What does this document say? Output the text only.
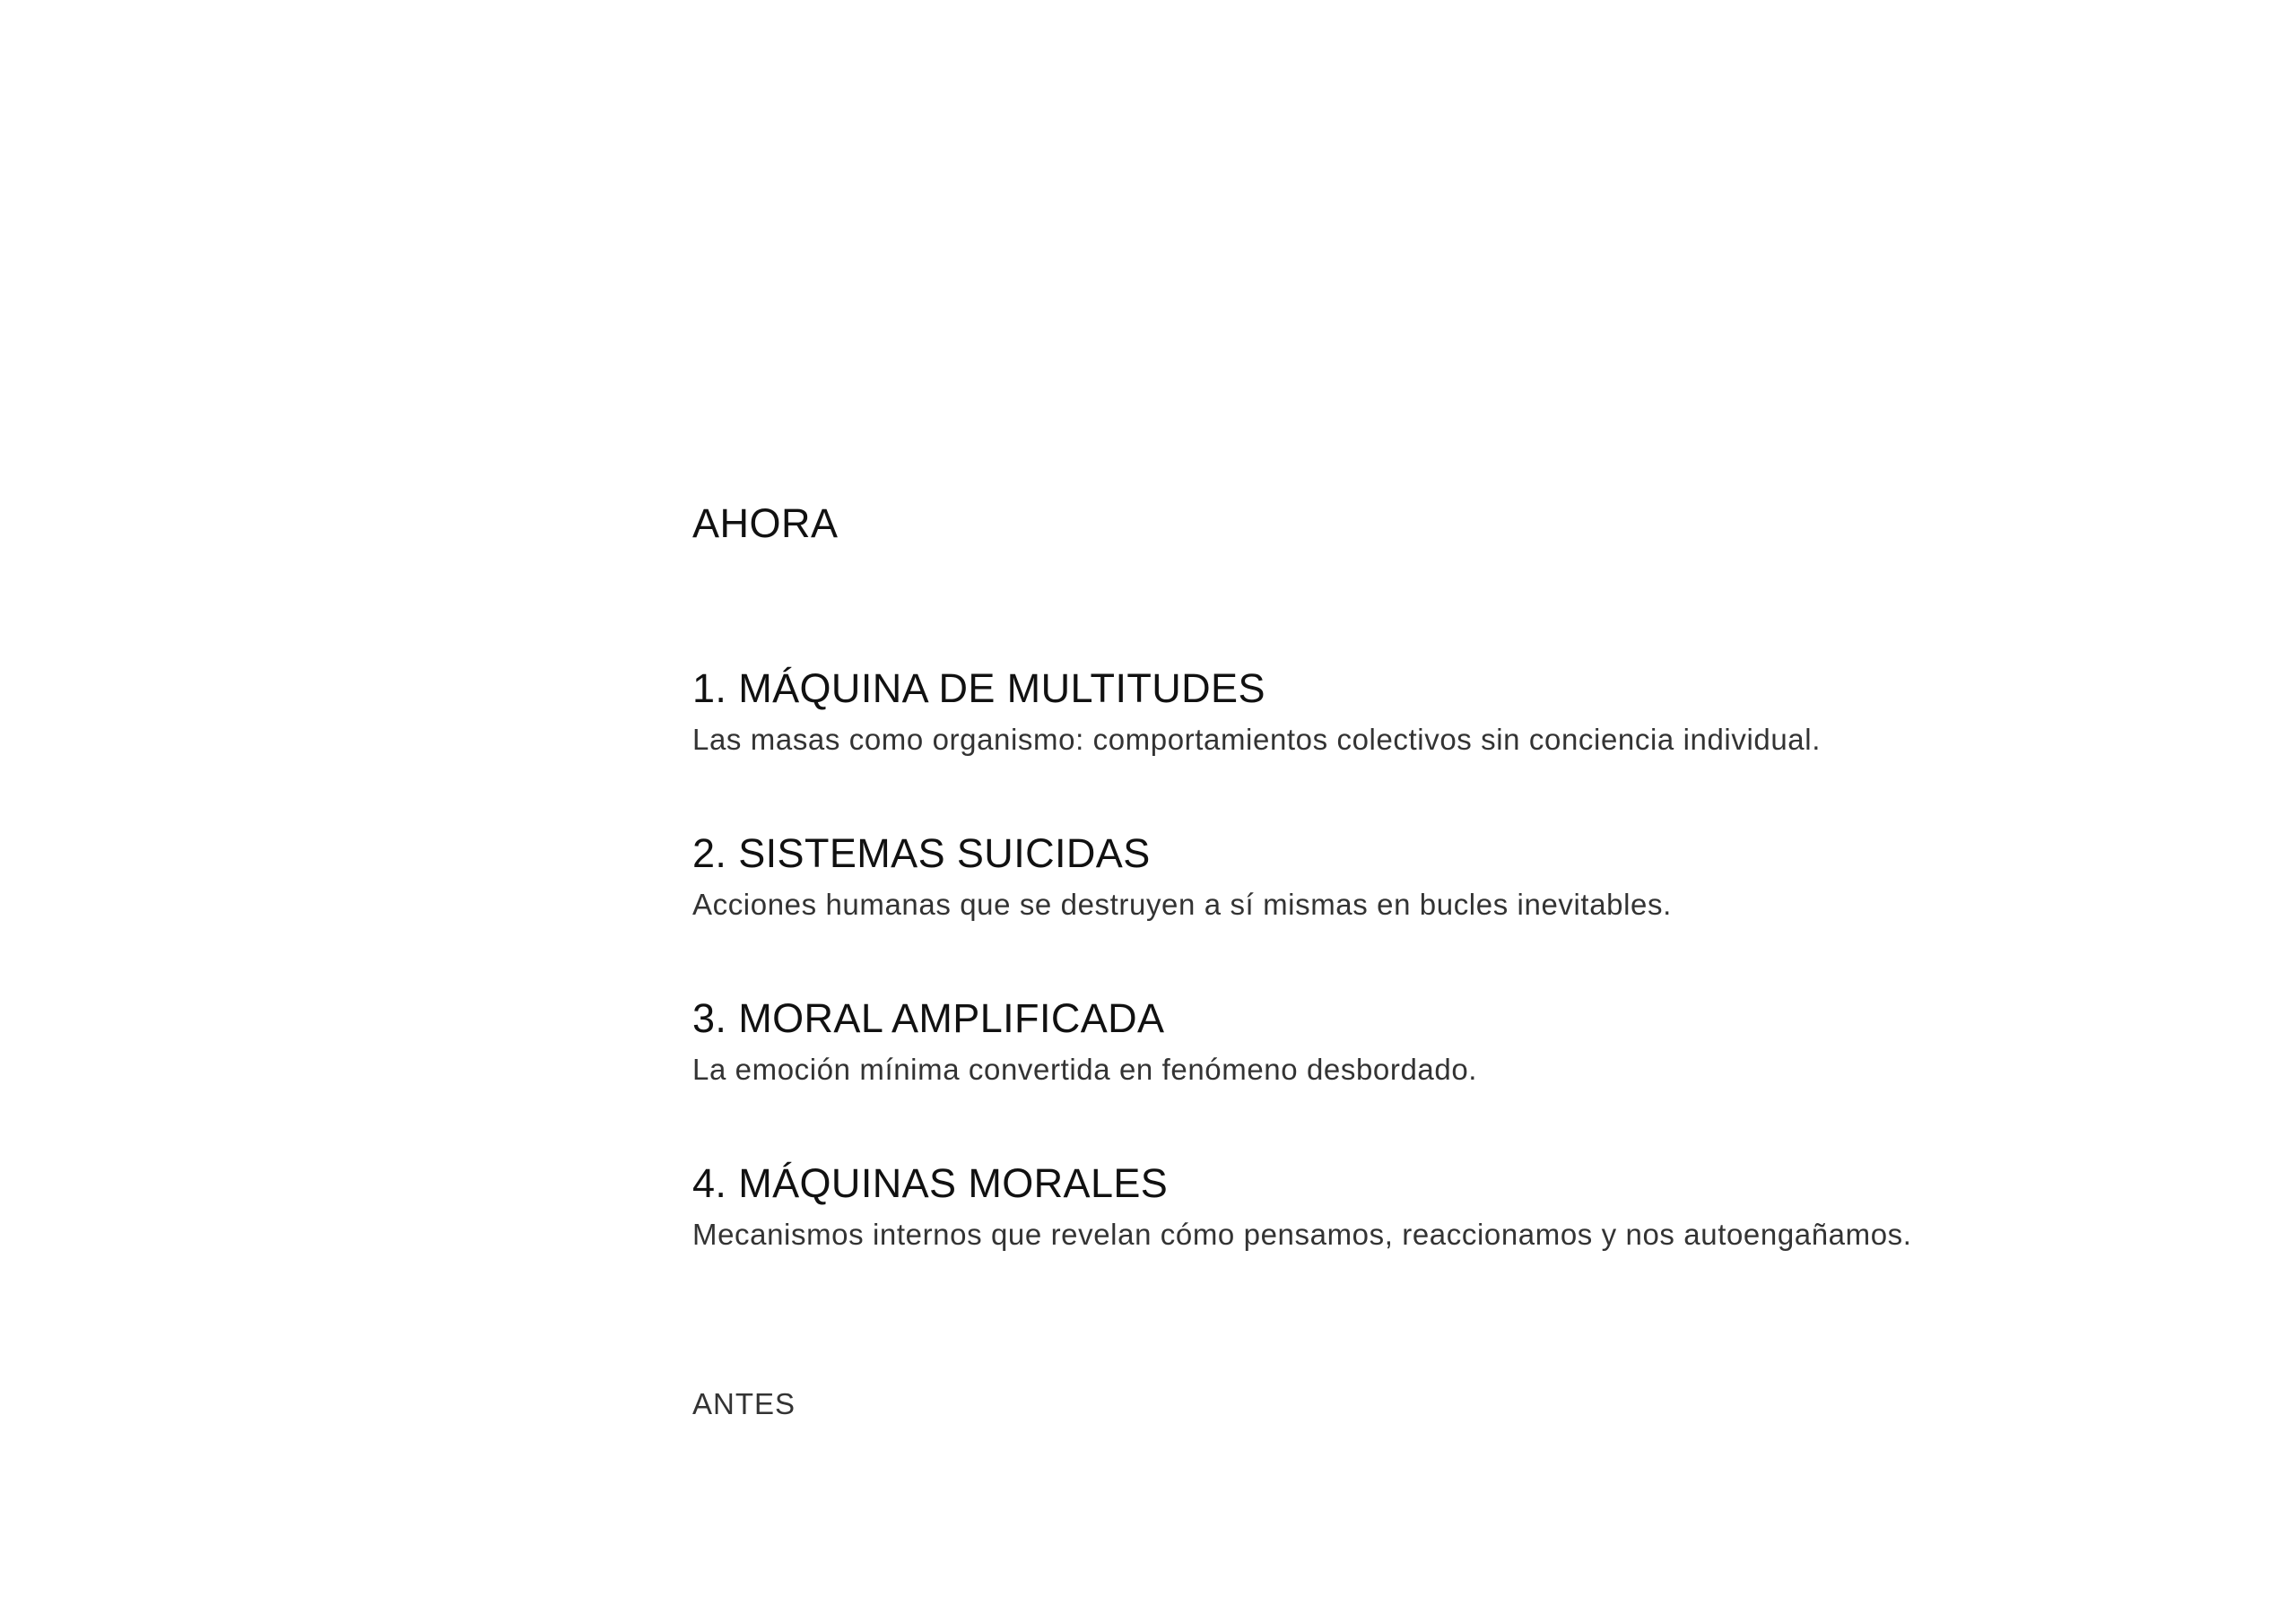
AHORA
1. MÁQUINA DE MULTITUDES
Las masas como organismo: comportamientos colectivos sin conciencia individual.
2. SISTEMAS SUICIDAS
Acciones humanas que se destruyen a sí mismas en bucles inevitables.
3. MORAL AMPLIFICADA
La emoción mínima convertida en fenómeno desbordado.
4. MÁQUINAS MORALES
Mecanismos internos que revelan cómo pensamos, reaccionamos y nos autoengañamos.
ANTES
